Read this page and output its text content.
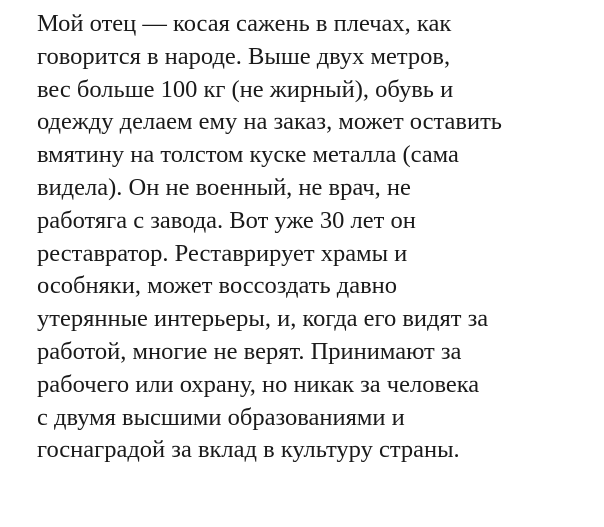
Мой отец — косая сажень в плечах, как
говорится в народе. Выше двух метров,
вес больше 100 кг (не жирный), обувь и
одежду делаем ему на заказ, может оставить
вмятину на толстом куске металла (сама
видела). Он не военный, не врач, не
работяга с завода. Вот уже 30 лет он
реставратор. Реставрирует храмы и
особняки, может воссоздать давно
утерянные интерьеры, и, когда его видят за
работой, многие не верят. Принимают за
рабочего или охрану, но никак за человека
с двумя высшими образованиями и
госнаградой за вклад в культуру страны.
